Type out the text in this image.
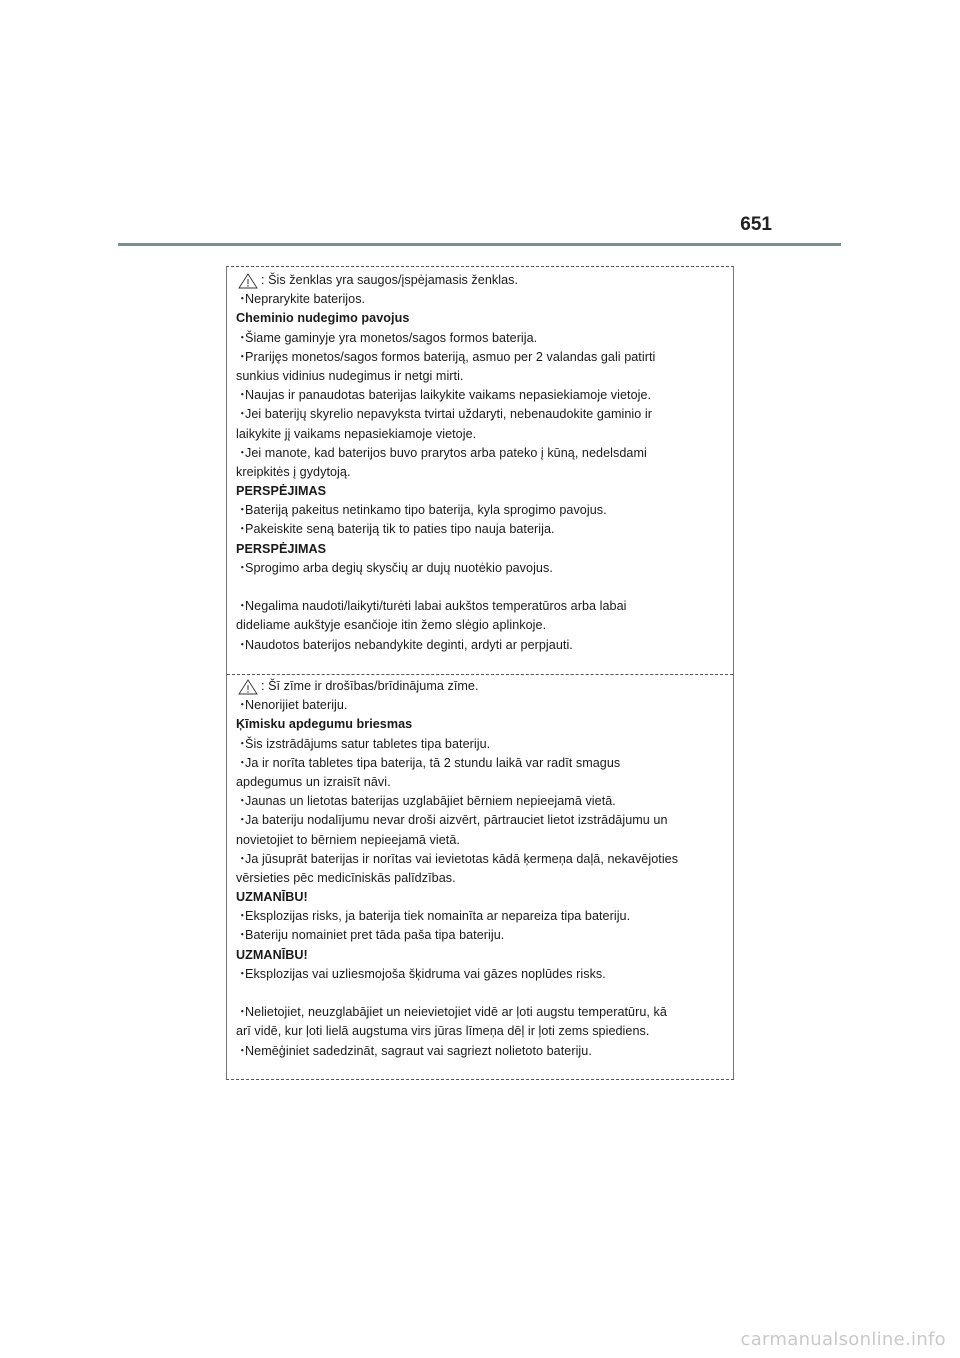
651
: Šis ženklas yra saugos/įspėjamasis ženklas.
・Neprarykite baterijos.
Cheminio nudegimo pavojus
・Šiame gaminyje yra monetos/sagos formos baterija.
・Prarijęs monetos/sagos formos bateriją, asmuo per 2 valandas gali patirti
sunkius vidinius nudegimus ir netgi mirti.
・Naujas ir panaudotas baterijas laikykite vaikams nepasiekiamoje vietoje.
・Jei baterijų skyrelio nepavyksta tvirtai uždaryti, nebenaudokite gaminio ir
laikykite jį vaikams nepasiekiamoje vietoje.
・Jei manote, kad baterijos buvo prarytos arba pateko į kūną, nedelsdami
kreipkitės į gydytoją.
PERSPĖJIMAS
・Bateriją pakeitus netinkamo tipo baterija, kyla sprogimo pavojus.
・Pakeiskite seną bateriją tik to paties tipo nauja baterija.
PERSPĖJIMAS
・Sprogimo arba degių skysčių ar dujų nuotėkio pavojus.
・Negalima naudoti/laikyti/turėti labai aukštos temperatūros arba labai
dideliame aukštyje esančioje itin žemo slėgio aplinkoje.
・Naudotos baterijos nebandykite deginti, ardyti ar perpjauti.
: Šī zīme ir drošības/brīdinājuma zīme.
・Nenorijiet bateriju.
Ķīmisku apdegumu briesmas
・Šis izstrādājums satur tabletes tipa bateriju.
・Ja ir norīta tabletes tipa baterija, tā 2 stundu laikā var radīt smagus
apdegumus un izraisīt nāvi.
・Jaunas un lietotas baterijas uzglabājiet bērniem nepieejamā vietā.
・Ja bateriju nodalījumu nevar droši aizvērt, pārtrauciet lietot izstrādājumu un
novietojiet to bērniem nepieejamā vietā.
・Ja jūsuprāt baterijas ir norītas vai ievietotas kādā ķermeņa daļā, nekavējoties
vērsieties pēc medicīniskās palīdzības.
UZMANĪBU!
・Eksplozijas risks, ja baterija tiek nomainīta ar nepareiza tipa bateriju.
・Bateriju nomainiet pret tāda paša tipa bateriju.
UZMANĪBU!
・Eksplozijas vai uzliesmojoša šķidruma vai gāzes noplūdes risks.
・Nelietojiet, neuzglabājiet un neievietojiet vidē ar ļoti augstu temperatūru, kā
arī vidē, kur ļoti lielā augstuma virs jūras līmeņa dēļ ir ļoti zems spiediens.
・Nemēģiniet sadedzināt, sagraut vai sagriezt nolietoto bateriju.
carmanualsonline.info
